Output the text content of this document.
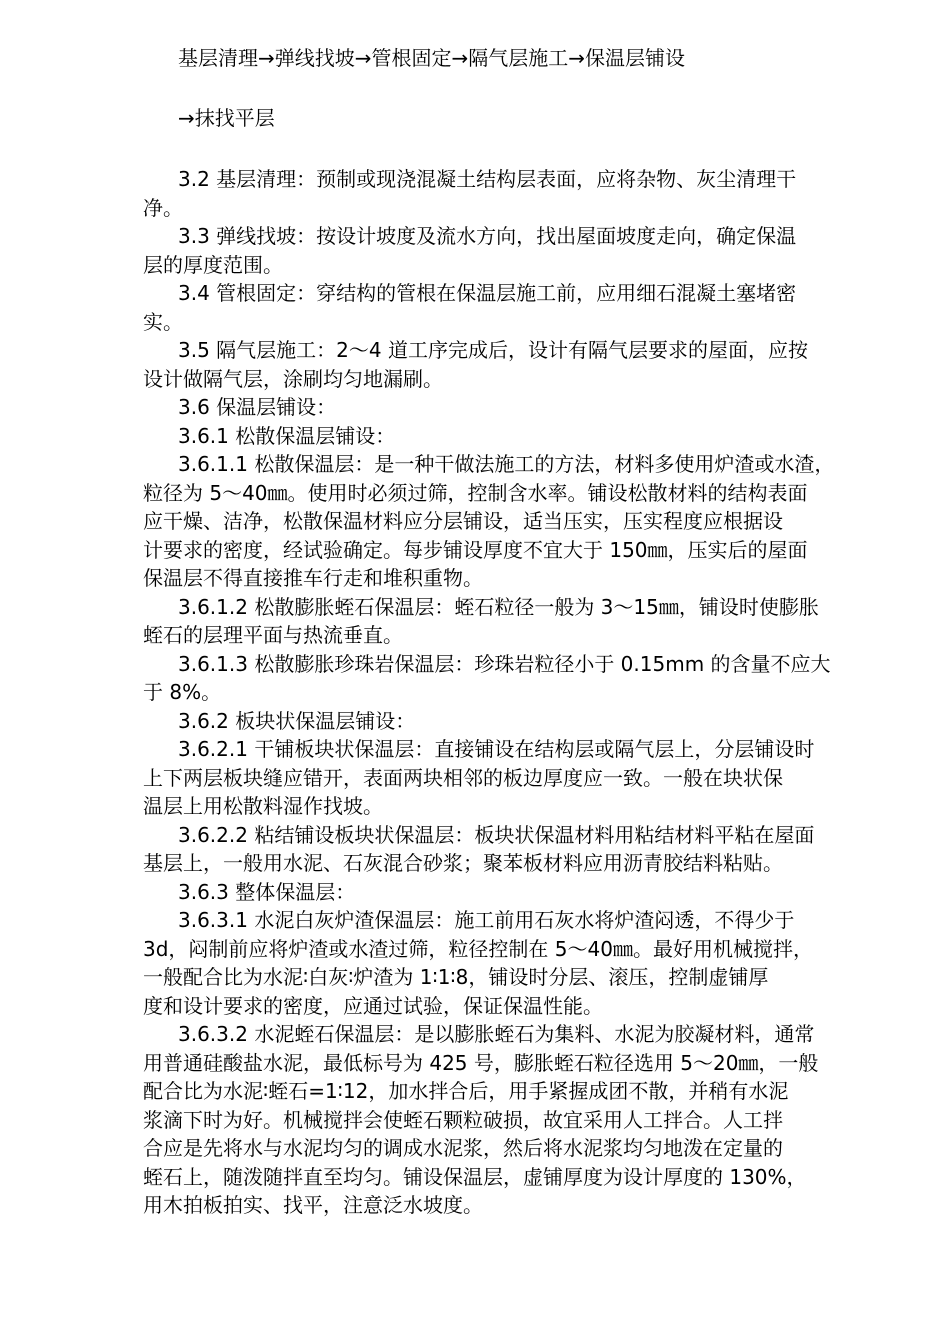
基层清理→弹线找坡→管根固定→隔气层施工→保温层铺设
→抹找平层

3.2 基层清理：预制或现浇混凝土结构层表面，应将杂物、灰尘清理干

净。

3.3 弹线找坡：按设计坡度及流水方向，找出屋面坡度走向，确定保温

层的厚度范围。

3.4 管根固定：穿结构的管根在保温层施工前，应用细石混凝土塞堵密

实。

3.5 隔气层施工：2～4 道工序完成后，设计有隔气层要求的屋面，应按

设计做隔气层，涂刷均匀地漏刷。

3.6 保温层铺设：

3.6.1 松散保温层铺设：

3.6.1.1 松散保温层：是一种干做法施工的方法，材料多使用炉渣或水渣，

粒径为 5～40㎜。使用时必须过筛，控制含水率。铺设松散材料的结构表面

应干燥、洁净，松散保温材料应分层铺设，适当压实，压实程度应根据设

计要求的密度，经试验确定。每步铺设厚度不宜大于 150㎜，压实后的屋面

保温层不得直接推车行走和堆积重物。

3.6.1.2 松散膨胀蛭石保温层：蛭石粒径一般为 3～15㎜，铺设时使膨胀

蛭石的层理平面与热流垂直。

3.6.1.3 松散膨胀珍珠岩保温层：珍珠岩粒径小于 0.15mm 的含量不应大

于 8%。

3.6.2 板块状保温层铺设：

3.6.2.1 干铺板块状保温层：直接铺设在结构层或隔气层上，分层铺设时

上下两层板块缝应错开，表面两块相邻的板边厚度应一致。一般在块状保

温层上用松散料湿作找坡。

3.6.2.2 粘结铺设板块状保温层：板块状保温材料用粘结材料平粘在屋面

基层上，一般用水泥、石灰混合砂浆；聚苯板材料应用沥青胶结料粘贴。

3.6.3 整体保温层：

3.6.3.1 水泥白灰炉渣保温层：施工前用石灰水将炉渣闷透，不得少于

3d，闷制前应将炉渣或水渣过筛，粒径控制在 5～40㎜。最好用机械搅拌，

一般配合比为水泥∶白灰∶炉渣为 1∶1∶8，铺设时分层、滚压，控制虚铺厚

度和设计要求的密度，应通过试验，保证保温性能。

3.6.3.2 水泥蛭石保温层：是以膨胀蛭石为集料、水泥为胶凝材料，通常

用普通硅酸盐水泥，最低标号为 425 号，膨胀蛭石粒径选用 5～20㎜，一般

配合比为水泥∶蛭石=1∶12，加水拌合后，用手紧握成团不散，并稍有水泥

浆滴下时为好。机械搅拌会使蛭石颗粒破损，故宜采用人工拌合。人工拌

合应是先将水与水泥均匀的调成水泥浆，然后将水泥浆均匀地泼在定量的

蛭石上，随泼随拌直至均匀。铺设保温层，虚铺厚度为设计厚度的 130%，

用木拍板拍实、找平，注意泛水坡度。
